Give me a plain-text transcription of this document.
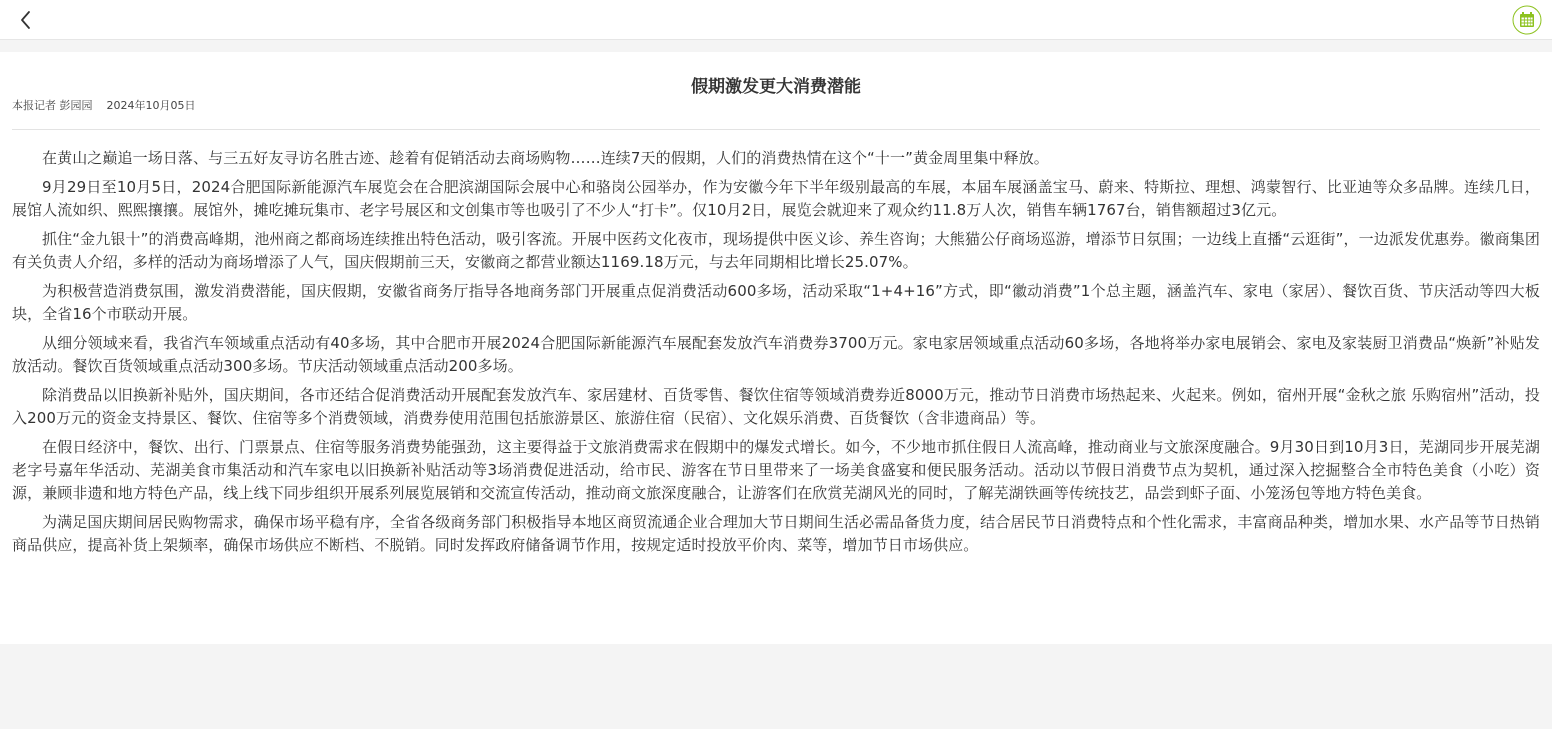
假期激发更大消费潜能
本报记者 彭园园 2024年10月05日

在黄山之巅追一场日落、与三五好友寻访名胜古迹、趁着有促销活动去商场购物……连续7天的假期，人们的消费热情在这个“十一”黄金周里集中释放。

9月29日至10月5日，2024合肥国际新能源汽车展览会在合肥滨湖国际会展中心和骆岗公园举办，作为安徽今年下半年级别最高的车展，本届车展涵盖宝马、蔚来、特斯拉、理想、鸿蒙智行、比亚迪等众多品牌。连续几日，展馆人流如织、熙熙攘攘。展馆外，摊吃摊玩集市、老字号展区和文创集市等也吸引了不少人“打卡”。仅10月2日，展览会就迎来了观众约11.8万人次，销售车辆1767台，销售额超过3亿元。

抓住“金九银十”的消费高峰期，池州商之都商场连续推出特色活动，吸引客流。开展中医药文化夜市，现场提供中医义诊、养生咨询；大熊猫公仔商场巡游，增添节日氛围；一边线上直播“云逛街”，一边派发优惠券。徽商集团有关负责人介绍，多样的活动为商场增添了人气，国庆假期前三天，安徽商之都营业额达1169.18万元，与去年同期相比增长25.07%。

为积极营造消费氛围，激发消费潜能，国庆假期，安徽省商务厅指导各地商务部门开展重点促消费活动600多场，活动采取“1+4+16”方式，即“徽动消费”1个总主题，涵盖汽车、家电（家居）、餐饮百货、节庆活动等四大板块，全省16个市联动开展。

从细分领域来看，我省汽车领域重点活动有40多场，其中合肥市开展2024合肥国际新能源汽车展配套发放汽车消费券3700万元。家电家居领域重点活动60多场，各地将举办家电展销会、家电及家装厨卫消费品“焕新”补贴发放活动。餐饮百货领域重点活动300多场。节庆活动领域重点活动200多场。

除消费品以旧换新补贴外，国庆期间，各市还结合促消费活动开展配套发放汽车、家居建材、百货零售、餐饮住宿等领域消费券近8000万元，推动节日消费市场热起来、火起来。例如，宿州开展“金秋之旅 乐购宿州”活动，投入200万元的资金支持景区、餐饮、住宿等多个消费领域，消费券使用范围包括旅游景区、旅游住宿（民宿）、文化娱乐消费、百货餐饮（含非遗商品）等。

在假日经济中，餐饮、出行、门票景点、住宿等服务消费势能强劲，这主要得益于文旅消费需求在假期中的爆发式增长。如今，不少地市抓住假日人流高峰，推动商业与文旅深度融合。9月30日到10月3日，芜湖同步开展芜湖老字号嘉年华活动、芜湖美食市集活动和汽车家电以旧换新补贴活动等3场消费促进活动，给市民、游客在节日里带来了一场美食盛宴和便民服务活动。活动以节假日消费节点为契机，通过深入挖掘整合全市特色美食（小吃）资源，兼顾非遗和地方特色产品，线上线下同步组织开展系列展览展销和交流宣传活动，推动商文旅深度融合，让游客们在欣赏芜湖风光的同时，了解芜湖铁画等传统技艺，品尝到虾子面、小笼汤包等地方特色美食。

为满足国庆期间居民购物需求，确保市场平稳有序，全省各级商务部门积极指导本地区商贸流通企业合理加大节日期间生活必需品备货力度，结合居民节日消费特点和个性化需求，丰富商品种类，增加水果、水产品等节日热销商品供应，提高补货上架频率，确保市场供应不断档、不脱销。同时发挥政府储备调节作用，按规定适时投放平价肉、菜等，增加节日市场供应。
